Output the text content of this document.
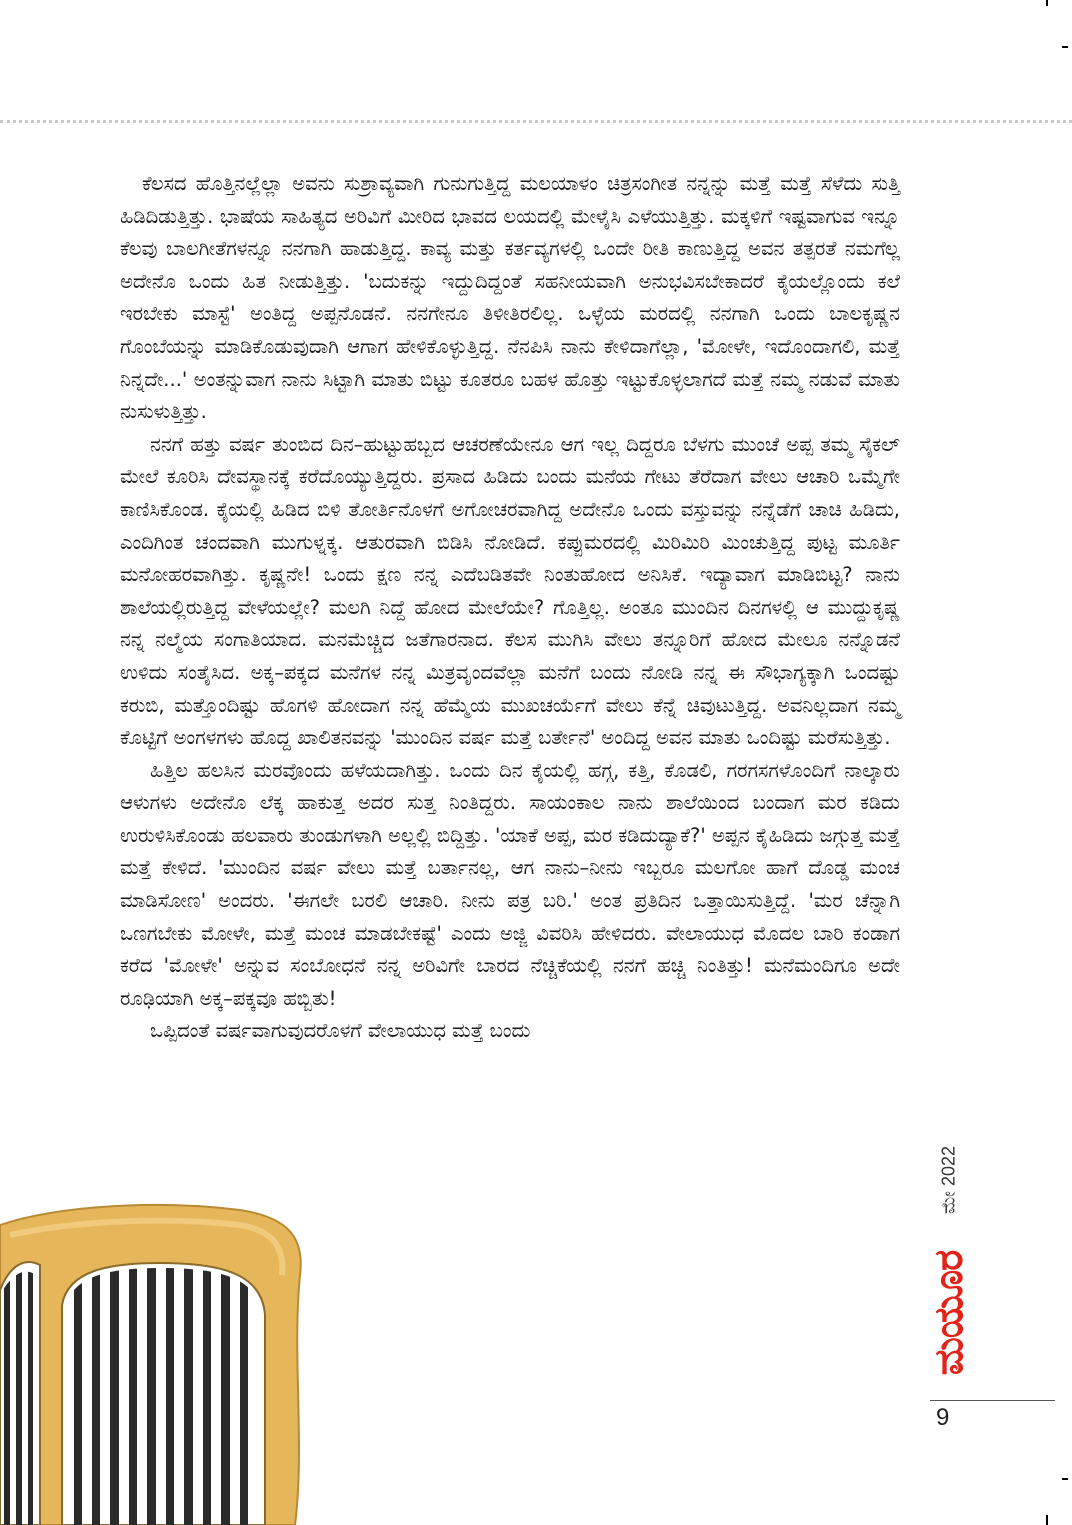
ಕೆಲಸದ ಹೊತ್ತಿನಲ್ಲೆಲ್ಲಾ ಅವನು ಸುಶ್ರಾವ್ಯವಾಗಿ ಗುನುಗುತ್ತಿದ್ದ ಮಲಯಾಳಂ ಚಿತ್ರಸಂಗೀತ ನನ್ನನ್ನು ಮತ್ತೆ ಮತ್ತೆ ಸೆಳೆದು ಸುತ್ತಿ ಹಿಡಿದಿಡುತ್ತಿತ್ತು. ಭಾಷೆಯ ಸಾಹಿತ್ಯದ ಅರಿವಿಗೆ ಮೀರಿದ ಭಾವದ ಲಯದಲ್ಲಿ ಮೇಳೈಸಿ ಎಳೆಯುತ್ತಿತ್ತು. ಮಕ್ಕಳಿಗೆ ಇಷ್ಟವಾಗುವ ಇನ್ನೂ ಕೆಲವು ಬಾಲಗೀತೆಗಳನ್ನೂ ನನಗಾಗಿ ಹಾಡುತ್ತಿದ್ದ. ಕಾವ್ಯ ಮತ್ತು ಕರ್ತವ್ಯಗಳಲ್ಲಿ ಒಂದೇ ರೀತಿ ಕಾಣುತ್ತಿದ್ದ ಅವನ ತತ್ಪರತೆ ನಮಗೆಲ್ಲ ಅದೇನೊ ಒಂದು ಹಿತ ನೀಡುತ್ತಿತ್ತು. 'ಬದುಕನ್ನು ಇದ್ದುದಿದ್ದಂತೆ ಸಹನೀಯವಾಗಿ ಅನುಭವಿಸಬೇಕಾದರೆ ಕೈಯಲ್ಲೊಂದು ಕಲೆ ಇರಬೇಕು ಮಾಸ್ಟೆ' ಅಂತಿದ್ದ ಅಪ್ಪನೊಡನೆ. ನನಗೇನೂ ತಿಳೀತಿರಲಿಲ್ಲ. ಒಳ್ಳೆಯ ಮರದಲ್ಲಿ ನನಗಾಗಿ ಒಂದು ಬಾಲಕೃಷ್ಣನ ಗೊಂಬೆಯನ್ನು ಮಾಡಿಕೊಡುವುದಾಗಿ ಆಗಾಗ ಹೇಳಿಕೊಳ್ಳುತ್ತಿದ್ದ. ನೆನಪಿಸಿ ನಾನು ಕೇಳಿದಾಗೆಲ್ಲಾ, 'ಮೋಳೇ, ಇದೊಂದಾಗಲಿ, ಮತ್ತೆ ನಿನ್ನದೇ...' ಅಂತನ್ನುವಾಗ ನಾನು ಸಿಟ್ಟಾಗಿ ಮಾತು ಬಿಟ್ಟು ಕೂತರೂ ಬಹಳ ಹೊತ್ತು ಇಟ್ಟುಕೊಳ್ಳಲಾಗದೆ ಮತ್ತೆ ನಮ್ಮ ನಡುವೆ ಮಾತು ನುಸುಳುತ್ತಿತ್ತು.

ನನಗೆ ಹತ್ತು ವರ್ಷ ತುಂಬಿದ ದಿನ–ಹುಟ್ಟುಹಬ್ಬದ ಆಚರಣೆಯೇನೂ ಆಗ ಇಲ್ಲ ದಿದ್ದರೂ ಬೆಳಗು ಮುಂಚೆ ಅಪ್ಪ ತಮ್ಮ ಸೈಕಲ್ ಮೇಲೆ ಕೂರಿಸಿ ದೇವಸ್ಥಾನಕ್ಕೆ ಕರೆದೊಯ್ಯುತ್ತಿದ್ದರು. ಪ್ರಸಾದ ಹಿಡಿದು ಬಂದು ಮನೆಯ ಗೇಟು ತೆರೆದಾಗ ವೇಲು ಆಚಾರಿ ಒಮ್ಮೆಗೇ ಕಾಣಿಸಿಕೊಂಡ. ಕೈಯಲ್ಲಿ ಹಿಡಿದ ಬಿಳಿ ತೋರ್ತಿನೊಳಗೆ ಅಗೋಚರವಾಗಿದ್ದ ಅದೇನೊ ಒಂದು ವಸ್ತುವನ್ನು ನನ್ನೆಡೆಗೆ ಚಾಚಿ ಹಿಡಿದು, ಎಂದಿಗಿಂತ ಚಂದವಾಗಿ ಮುಗುಳ್ನಕ್ಕ. ಆತುರವಾಗಿ ಬಿಡಿಸಿ ನೋಡಿದೆ. ಕಪ್ಪುಮರದಲ್ಲಿ ಮಿರಿಮಿರಿ ಮಿಂಚುತ್ತಿದ್ದ ಪುಟ್ಟ ಮೂರ್ತಿ ಮನೋಹರವಾಗಿತ್ತು. ಕೃಷ್ಣನೇ! ಒಂದು ಕ್ಷಣ ನನ್ನ ಎದೆಬಡಿತವೇ ನಿಂತುಹೋದ ಅನಿಸಿಕೆ. ಇದ್ಯಾವಾಗ ಮಾಡಿಬಿಟ್ಟ? ನಾನು ಶಾಲೆಯಲ್ಲಿರುತ್ತಿದ್ದ ವೇಳೆಯಲ್ಲೇ? ಮಲಗಿ ನಿದ್ದೆ ಹೋದ ಮೇಲೆಯೇ? ಗೊತ್ತಿಲ್ಲ. ಅಂತೂ ಮುಂದಿನ ದಿನಗಳಲ್ಲಿ ಆ ಮುದ್ದುಕೃಷ್ಣ ನನ್ನ ನಲ್ಮೆಯ ಸಂಗಾತಿಯಾದ. ಮನಮೆಚ್ಚಿದ ಜತೆಗಾರನಾದ. ಕೆಲಸ ಮುಗಿಸಿ ವೇಲು ತನ್ನೂರಿಗೆ ಹೋದ ಮೇಲೂ ನನ್ನೊಡನೆ ಉಳಿದು ಸಂತೈಸಿದ. ಅಕ್ಕ–ಪಕ್ಕದ ಮನೆಗಳ ನನ್ನ ಮಿತ್ರವೃಂದವೆಲ್ಲಾ ಮನೆಗೆ ಬಂದು ನೋಡಿ ನನ್ನ ಈ ಸೌಭಾಗ್ಯಕ್ಕಾಗಿ ಒಂದಷ್ಟು ಕರುಬಿ, ಮತ್ತೊಂದಿಷ್ಟು ಹೊಗಳಿ ಹೋದಾಗ ನನ್ನ ಹೆಮ್ಮೆಯ ಮುಖಚರ್ಯೆಗೆ ವೇಲು ಕೆನ್ನೆ ಚಿವುಟುತ್ತಿದ್ದ. ಅವನಿಲ್ಲದಾಗ ನಮ್ಮ ಕೊಟ್ಟಿಗೆ ಅಂಗಳಗಳು ಹೊದ್ದ ಖಾಲಿತನವನ್ನು 'ಮುಂದಿನ ವರ್ಷ ಮತ್ತೆ ಬರ್ತೇನೆ' ಅಂದಿದ್ದ ಅವನ ಮಾತು ಒಂದಿಷ್ಟು ಮರೆಸುತ್ತಿತ್ತು.

ಹಿತ್ತಿಲ ಹಲಸಿನ ಮರವೊಂದು ಹಳೆಯದಾಗಿತ್ತು. ಒಂದು ದಿನ ಕೈಯಲ್ಲಿ ಹಗ್ಗ, ಕತ್ತಿ, ಕೊಡಲಿ, ಗರಗಸಗಳೊಂದಿಗೆ ನಾಲ್ಕಾರು ಆಳುಗಳು ಅದೇನೊ ಲೆಕ್ಕ ಹಾಕುತ್ತ ಅದರ ಸುತ್ತ ನಿಂತಿದ್ದರು. ಸಾಯಂಕಾಲ ನಾನು ಶಾಲೆಯಿಂದ ಬಂದಾಗ ಮರ ಕಡಿದು ಉರುಳಿಸಿಕೊಂಡು ಹಲವಾರು ತುಂಡುಗಳಾಗಿ ಅಲ್ಲಲ್ಲಿ ಬಿದ್ದಿತ್ತು. 'ಯಾಕೆ ಅಪ್ಪ, ಮರ ಕಡಿದುದ್ಯಾಕೆ?' ಅಪ್ಪನ ಕೈಹಿಡಿದು ಜಗ್ಗುತ್ತ ಮತ್ತೆ ಮತ್ತೆ ಕೇಳಿದೆ. 'ಮುಂದಿನ ವರ್ಷ ವೇಲು ಮತ್ತೆ ಬರ್ತಾನಲ್ಲ, ಆಗ ನಾನು–ನೀನು ಇಬ್ಬರೂ ಮಲಗೋ ಹಾಗೆ ದೊಡ್ಡ ಮಂಚ ಮಾಡಿಸೋಣ' ಅಂದರು. 'ಈಗಲೇ ಬರಲಿ ಆಚಾರಿ. ನೀನು ಪತ್ರ ಬರಿ.' ಅಂತ ಪ್ರತಿದಿನ ಒತ್ತಾಯಿಸುತ್ತಿದ್ದೆ. 'ಮರ ಚೆನ್ನಾಗಿ ಒಣಗಬೇಕು ಮೋಳೇ, ಮತ್ತೆ ಮಂಚ ಮಾಡಬೇಕಷ್ಟೆ' ಎಂದು ಅಜ್ಜಿ ವಿವರಿಸಿ ಹೇಳಿದರು. ವೇಲಾಯುಧ ಮೊದಲ ಬಾರಿ ಕಂಡಾಗ ಕರೆದ 'ಮೋಳೇ' ಅನ್ನುವ ಸಂಬೋಧನೆ ನನ್ನ ಅರಿವಿಗೇ ಬಾರದ ನೆಚ್ಚಿಕೆಯಲ್ಲಿ ನನಗೆ ಹಚ್ಚಿ ನಿಂತಿತ್ತು! ಮನೆಮಂದಿಗೂ ಅದೇ ರೂಢಿಯಾಗಿ ಅಕ್ಕ–ಪಕ್ಕವೂ ಹಬ್ಬಿತು!

ಒಪ್ಪಿದಂತೆ ವರ್ಷವಾಗುವುದರೊಳಗೆ ವೇಲಾಯುಧ ಮತ್ತೆ ಬಂದು

ಮೇ 2022
ಮಯೂರ
9
